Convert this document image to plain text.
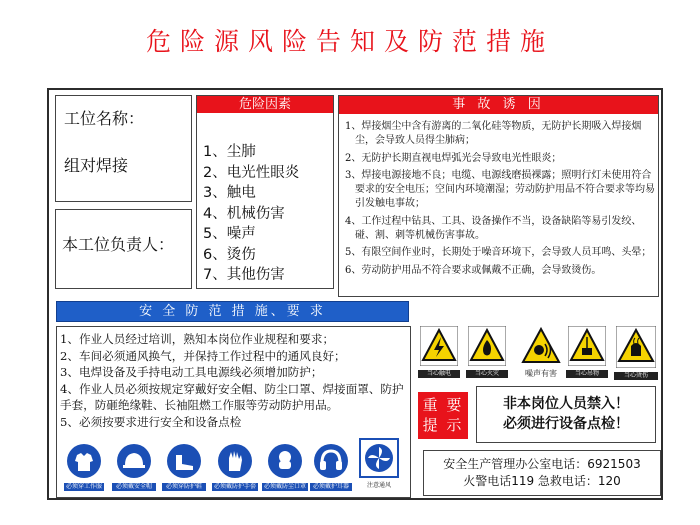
危险源风险告知及防范措施
工位名称：
组对焊接
本工位负责人：
危险因素
1、尘肺
2、电光性眼炎
3、触电
4、机械伤害
5、噪声
6、烫伤
7、其他伤害
事 故 诱 因
1、焊接烟尘中含有游离的二氧化硅等物质，无防护长期吸入焊接烟尘，会导致人员得尘肺病；
2、无防护长期直视电焊弧光会导致电光性眼炎；
3、焊接电源接地不良；电缆、电源线磨损裸露；照明行灯未使用符合要求的安全电压；空间内环境潮湿；劳动防护用品不符合要求等均易引发触电事故；
4、工作过程中钻具、工具、设备操作不当，设备缺陷等易引发绞、碰、割、刺等机械伤害事故。
5、有限空间作业时，长期处于噪音环境下，会导致人员耳鸣、头晕；
6、劳动防护用品不符合要求或佩戴不正确，会导致烫伤。
安 全 防 范 措 施、要 求
1、作业人员经过培训，熟知本岗位作业规程和要求；
2、车间必须通风换气，并保持工作过程中的通风良好；
3、电焊设备及手持电动工具电源线必须增加防护；
4、作业人员必须按规定穿戴好安全帽、防尘口罩、焊接面罩、防护手套，防砸绝缘鞋、长袖阻燃工作服等劳动防护用品。
5、必须按要求进行安全和设备点检
必须穿工作服	必须戴安全帽	必须穿防护鞋	必须戴防护手套	必须戴防尘口罩	必须戴护耳器	注意通风
当心触电	当心火灾	噪声有害	当心吊物	当心烫伤
重 要
提 示
非本岗位人员禁入！
必须进行设备点检！
安全生产管理办公室电话：6921503
火警电话119 急救电话：120
